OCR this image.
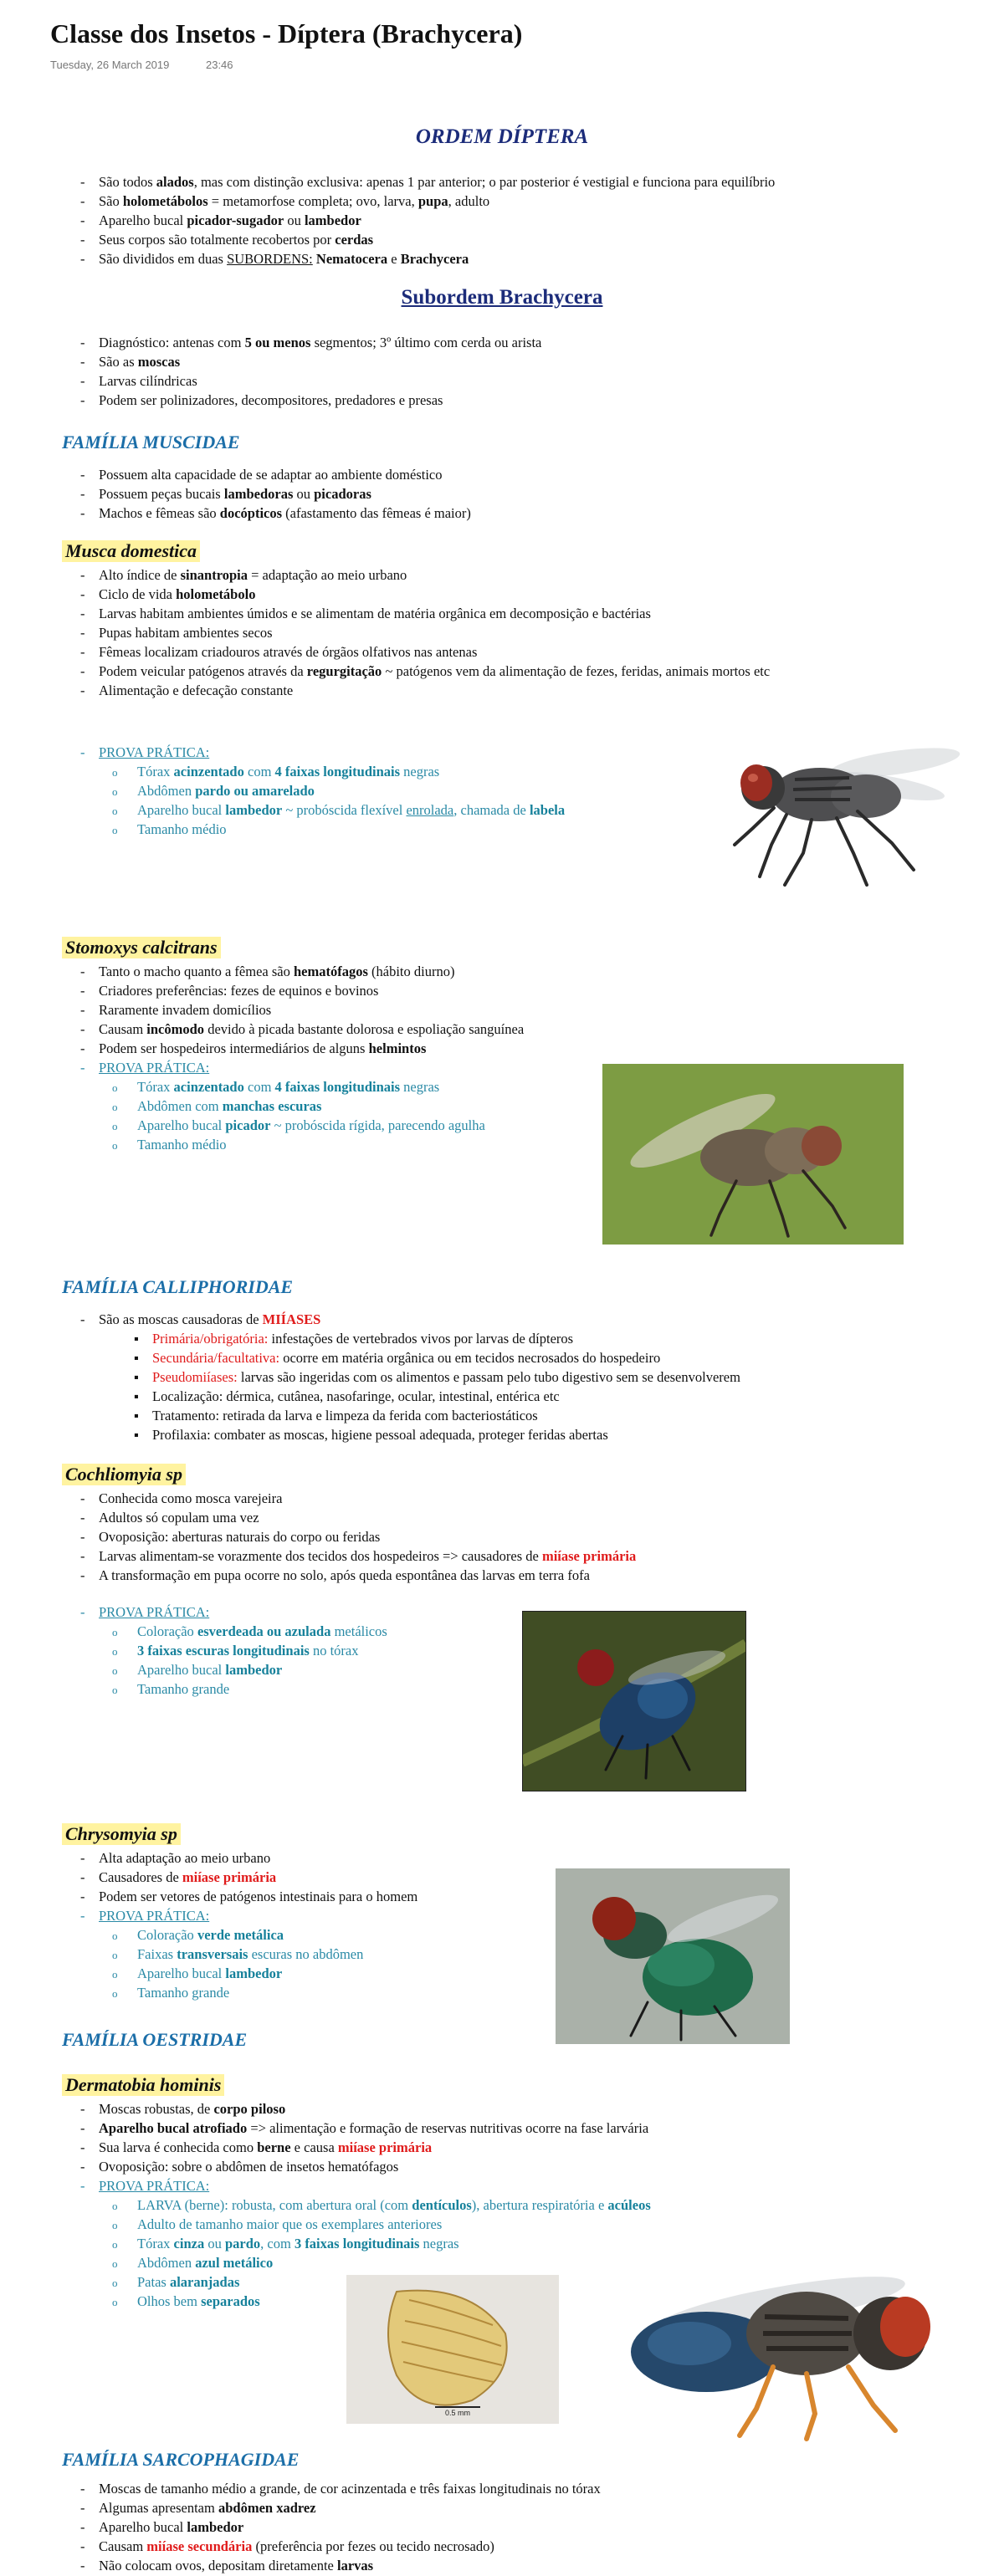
Classe dos Insetos - Díptera (Brachycera)
Tuesday, 26 March 2019	23:46
ORDEM DÍPTERA
- São todos alados, mas com distinção exclusiva: apenas 1 par anterior; o par posterior é vestigial e funciona para equilíbrio
- São holometábolos = metamorfose completa; ovo, larva, pupa, adulto
- Aparelho bucal picador-sugador ou lambedor
- Seus corpos são totalmente recobertos por cerdas
- São divididos em duas SUBORDENS: Nematocera e Brachycera
Subordem Brachycera
- Diagnóstico: antenas com 5 ou menos segmentos; 3º último com cerda ou arista
- São as moscas
- Larvas cilíndricas
- Podem ser polinizadores, decompositores, predadores e presas
FAMÍLIA MUSCIDAE
- Possuem alta capacidade de se adaptar ao ambiente doméstico
- Possuem peças bucais lambedoras ou picadoras
- Machos e fêmeas são docópticos (afastamento das fêmeas é maior)
Musca domestica
- Alto índice de sinantropia = adaptação ao meio urbano
- Ciclo de vida holometábolo
- Larvas habitam ambientes úmidos e se alimentam de matéria orgânica em decomposição e bactérias
- Pupas habitam ambientes secos
- Fêmeas localizam criadouros através de órgãos olfativos nas antenas
- Podem veicular patógenos através da regurgitação ~ patógenos vem da alimentação de fezes, feridas, animais mortos etc
- Alimentação e defecação constante
- PROVA PRÁTICA:
o Tórax acinzentado com 4 faixas longitudinais negras
o Abdômen pardo ou amarelado
o Aparelho bucal lambedor ~ probóscida flexível enrolada, chamada de labela
o Tamanho médio
Stomoxys calcitrans
- Tanto o macho quanto a fêmea são hematófagos (hábito diurno)
- Criadores preferências: fezes de equinos e bovinos
- Raramente invadem domicílios
- Causam incômodo devido à picada bastante dolorosa e espoliação sanguínea
- Podem ser hospedeiros intermediários de alguns helmintos
- PROVA PRÁTICA:
o Tórax acinzentado com 4 faixas longitudinais negras
o Abdômen com manchas escuras
o Aparelho bucal picador ~ probóscida rígida, parecendo agulha
o Tamanho médio
FAMÍLIA CALLIPHORIDAE
- São as moscas causadoras de MIÍASES
▪ Primária/obrigatória: infestações de vertebrados vivos por larvas de dípteros
▪ Secundária/facultativa: ocorre em matéria orgânica ou em tecidos necrosados do hospedeiro
▪ Pseudomiíases: larvas são ingeridas com os alimentos e passam pelo tubo digestivo sem se desenvolverem
▪ Localização: dérmica, cutânea, nasofaringe, ocular, intestinal, entérica etc
▪ Tratamento: retirada da larva e limpeza da ferida com bacteriostáticos
▪ Profilaxia: combater as moscas, higiene pessoal adequada, proteger feridas abertas
Cochliomyia sp
- Conhecida como mosca varejeira
- Adultos só copulam uma vez
- Ovoposição: aberturas naturais do corpo ou feridas
- Larvas alimentam-se vorazmente dos tecidos dos hospedeiros => causadores de miíase primária
- A transformação em pupa ocorre no solo, após queda espontânea das larvas em terra fofa
- PROVA PRÁTICA:
o Coloração esverdeada ou azulada metálicos
o 3 faixas escuras longitudinais no tórax
o Aparelho bucal lambedor
o Tamanho grande
Chrysomyia sp
- Alta adaptação ao meio urbano
- Causadores de miíase primária
- Podem ser vetores de patógenos intestinais para o homem
- PROVA PRÁTICA:
o Coloração verde metálica
o Faixas transversais escuras no abdômen
o Aparelho bucal lambedor
o Tamanho grande
FAMÍLIA OESTRIDAE
Dermatobia hominis
- Moscas robustas, de corpo piloso
- Aparelho bucal atrofiado => alimentação e formação de reservas nutritivas ocorre na fase larvária
- Sua larva é conhecida como berne e causa miíase primária
- Ovoposição: sobre o abdômen de insetos hematófagos
- PROVA PRÁTICA:
o LARVA (berne): robusta, com abertura oral (com dentículos), abertura respiratória e acúleos
o Adulto de tamanho maior que os exemplares anteriores
o Tórax cinza ou pardo, com 3 faixas longitudinais negras
o Abdômen azul metálico
o Patas alaranjadas
o Olhos bem separados
0.5 mm
FAMÍLIA SARCOPHAGIDAE
- Moscas de tamanho médio a grande, de cor acinzentada e três faixas longitudinais no tórax
- Algumas apresentam abdômen xadrez
- Aparelho bucal lambedor
- Causam miíase secundária (preferência por fezes ou tecido necrosado)
- Não colocam ovos, depositam diretamente larvas
